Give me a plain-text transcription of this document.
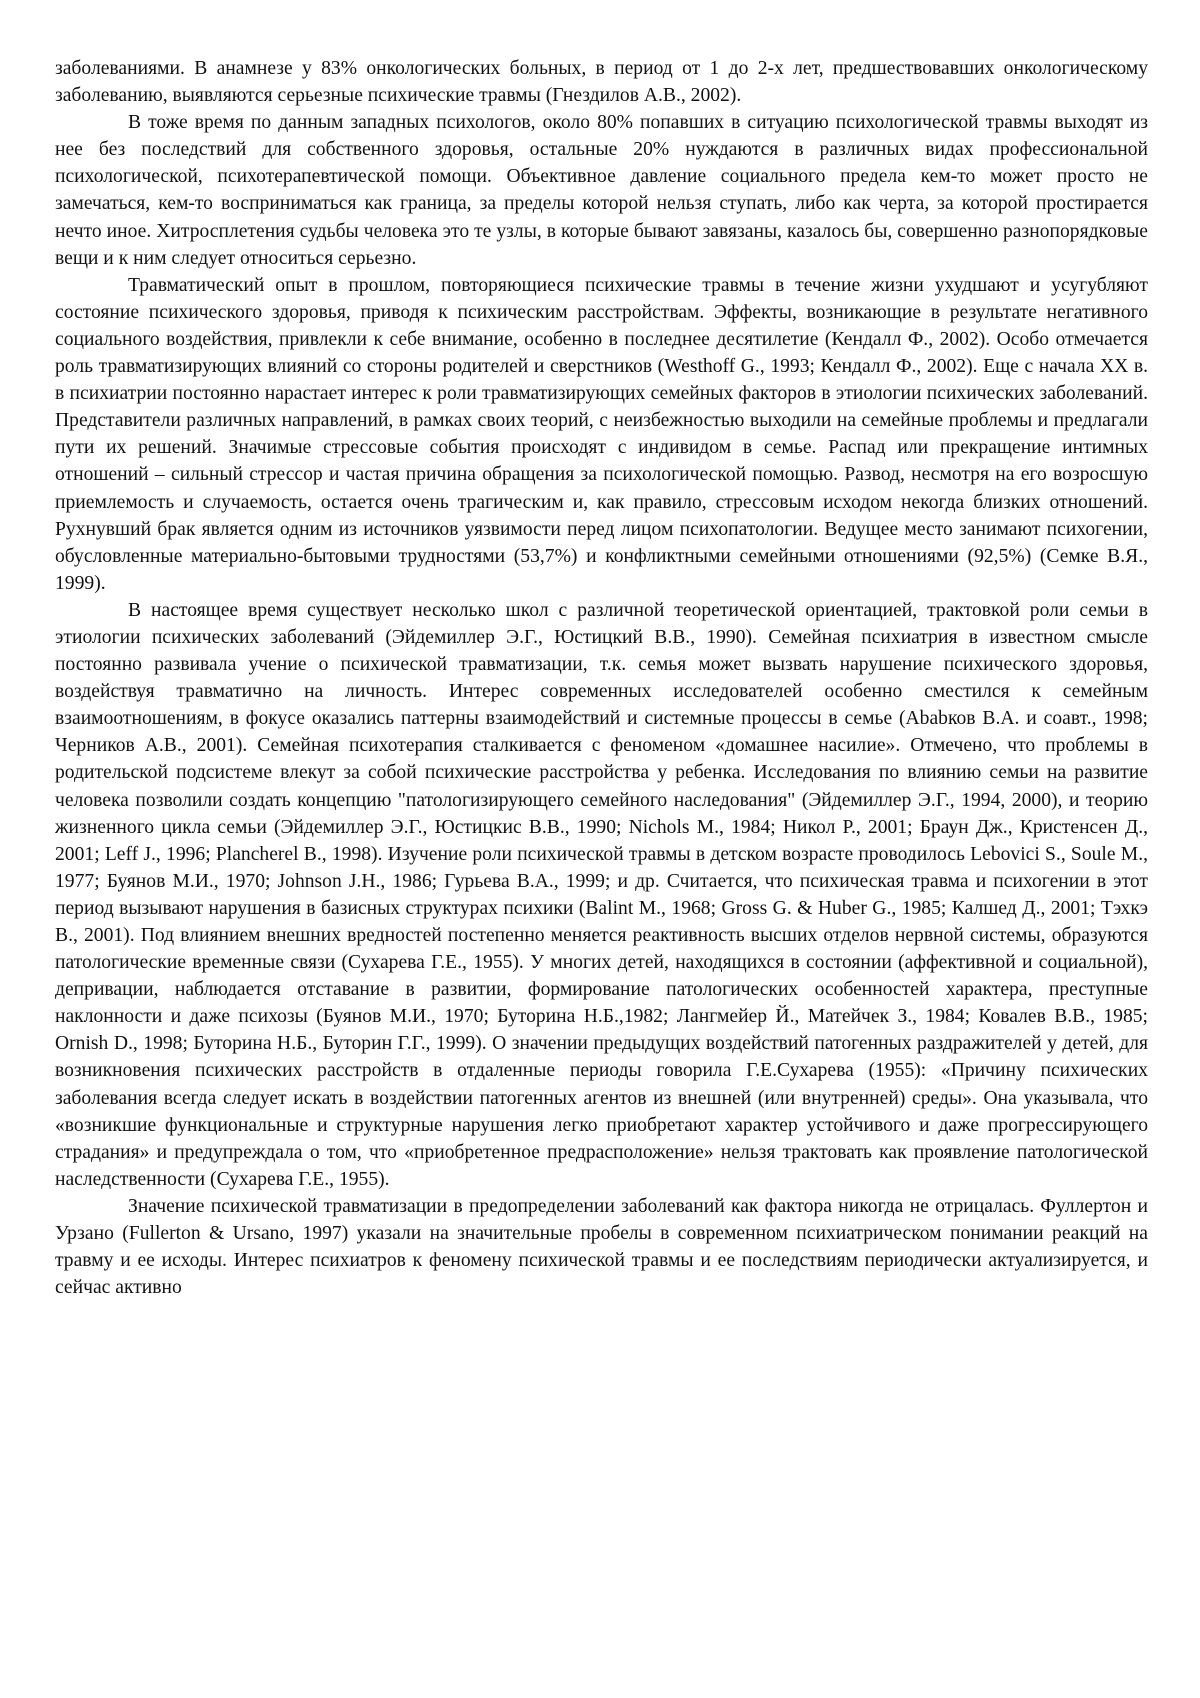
заболеваниями. В анамнезе у 83% онкологических больных, в период от 1 до 2-х лет, предшествовавших онкологическому заболеванию, выявляются серьезные психические травмы (Гнездилов А.В., 2002).

В тоже время по данным западных психологов, около 80% попавших в ситуацию психологической травмы выходят из нее без последствий для собственного здоровья, остальные 20% нуждаются в различных видах профессиональной психологической, психотерапевтической помощи. Объективное давление социального предела кем-то может просто не замечаться, кем-то восприниматься как граница, за пределы которой нельзя ступать, либо как черта, за которой простирается нечто иное. Хитросплетения судьбы человека это те узлы, в которые бывают завязаны, казалось бы, совершенно разнопорядковые вещи и к ним следует относиться серьезно.

Травматический опыт в прошлом, повторяющиеся психические травмы в течение жизни ухудшают и усугубляют состояние психического здоровья, приводя к психическим расстройствам. Эффекты, возникающие в результате негативного социального воздействия, привлекли к себе внимание, особенно в последнее десятилетие (Кендалл Ф., 2002). Особо отмечается роль травматизирующих влияний со стороны родителей и сверстников (Westhoff G., 1993; Кендалл Ф., 2002). Еще с начала XX в. в психиатрии постоянно нарастает интерес к роли травматизирующих семейных факторов в этиологии психических заболеваний. Представители различных направлений, в рамках своих теорий, с неизбежностью выходили на семейные проблемы и предлагали пути их решений. Значимые стрессовые события происходят с индивидом в семье. Распад или прекращение интимных отношений – сильный стрессор и частая причина обращения за психологической помощью. Развод, несмотря на его возросшую приемлемость и случаемость, остается очень трагическим и, как правило, стрессовым исходом некогда близких отношений. Рухнувший брак является одним из источников уязвимости перед лицом психопатологии. Ведущее место занимают психогении, обусловленные материально-бытовыми трудностями (53,7%) и конфликтными семейными отношениями (92,5%) (Семке В.Я., 1999).

В настоящее время существует несколько школ с различной теоретической ориентацией, трактовкой роли семьи в этиологии психических заболеваний (Эйдемиллер Э.Г., Юстицкий В.В., 1990). Семейная психиатрия в известном смысле постоянно развивала учение о психической травматизации, т.к. семья может вызвать нарушение психического здоровья, воздействуя травматично на личность. Интерес современных исследователей особенно сместился к семейным взаимоотношениям, в фокусе оказались паттерны взаимодействий и системные процессы в семье (Ababков В.А. и соавт., 1998; Черников А.В., 2001). Семейная психотерапия сталкивается с феноменом «домашнее насилие». Отмечено, что проблемы в родительской подсистеме влекут за собой психические расстройства у ребенка. Исследования по влиянию семьи на развитие человека позволили создать концепцию "патологизирующего семейного наследования" (Эйдемиллер Э.Г., 1994, 2000), и теорию жизненного цикла семьи (Эйдемиллер Э.Г., Юстицкис В.В., 1990; Nichols M., 1984; Никол Р., 2001; Браун Дж., Кристенсен Д., 2001; Leff J., 1996; Plancherel B., 1998). Изучение роли психической травмы в детском возрасте проводилось Lebovici S., Soule M., 1977; Буянов М.И., 1970; Johnson J.H., 1986; Гурьева В.А., 1999; и др. Считается, что психическая травма и психогении в этот период вызывают нарушения в базисных структурах психики (Balint M., 1968; Gross G. & Huber G., 1985; Калшед Д., 2001; Тэхкэ В., 2001). Под влиянием внешних вредностей постепенно меняется реактивность высших отделов нервной системы, образуются патологические временные связи (Сухарева Г.Е., 1955). У многих детей, находящихся в состоянии (аффективной и социальной), депривации, наблюдается отставание в развитии, формирование патологических особенностей характера, преступные наклонности и даже психозы (Буянов М.И., 1970; Буторина Н.Б.,1982; Лангмейер Й., Матейчек З., 1984; Ковалев В.В., 1985; Ornish D., 1998; Буторина Н.Б., Буторин Г.Г., 1999). О значении предыдущих воздействий патогенных раздражителей у детей, для возникновения психических расстройств в отдаленные периоды говорила Г.Е.Сухарева (1955): «Причину психических заболевания всегда следует искать в воздействии патогенных агентов из внешней (или внутренней) среды». Она указывала, что «возникшие функциональные и структурные нарушения легко приобретают характер устойчивого и даже прогрессирующего страдания» и предупреждала о том, что «приобретенное предрасположение» нельзя трактовать как проявление патологической наследственности (Сухарева Г.Е., 1955).

Значение психической травматизации в предопределении заболеваний как фактора никогда не отрицалась. Фуллертон и Урзано (Fullerton & Ursano, 1997) указали на значительные пробелы в современном психиатрическом понимании реакций на травму и ее исходы. Интерес психиатров к феномену психической травмы и ее последствиям периодически актуализируется, и сейчас активно
